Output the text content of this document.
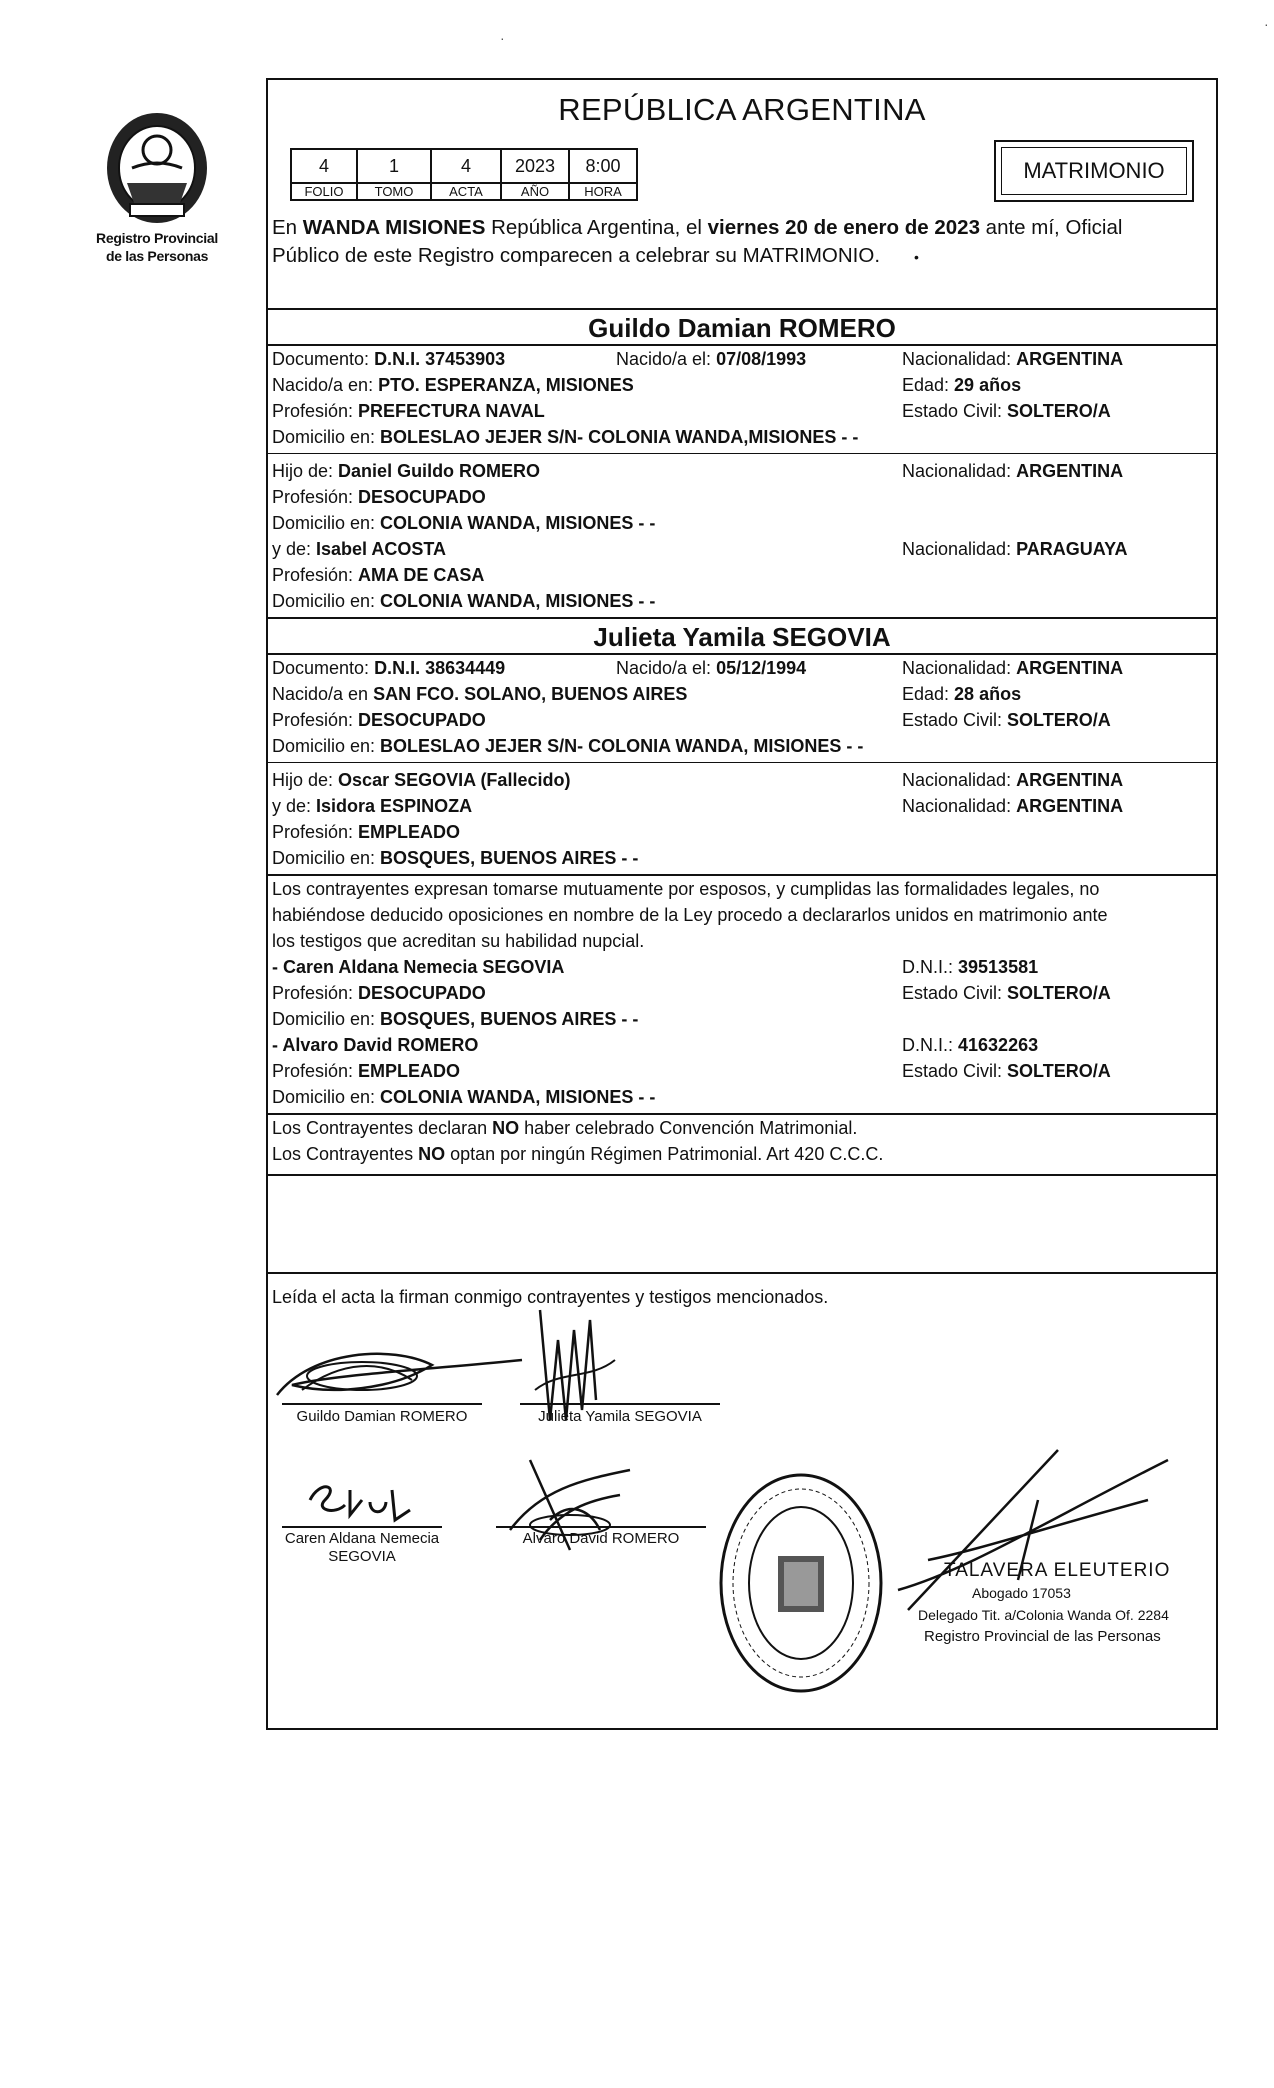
Registro Provincial
de las Personas
REPÚBLICA ARGENTINA
4	1	4	2023	8:00
FOLIO	TOMO	ACTA	AÑO	HORA
MATRIMONIO
En WANDA MISIONES República Argentina, el viernes 20 de enero de 2023 ante mí, Oficial
Público de este Registro comparecen a celebrar su MATRIMONIO. •
Guildo Damian ROMERO
Documento: D.N.I. 37453903	Nacido/a el: 07/08/1993	Nacionalidad: ARGENTINA
Nacido/a en: PTO. ESPERANZA, MISIONES	Edad: 29 años
Profesión: PREFECTURA NAVAL	Estado Civil: SOLTERO/A
Domicilio en: BOLESLAO JEJER S/N- COLONIA WANDA,MISIONES - -
Hijo de: Daniel Guildo ROMERO	Nacionalidad: ARGENTINA
Profesión: DESOCUPADO
Domicilio en: COLONIA WANDA, MISIONES - -
y de: Isabel ACOSTA	Nacionalidad: PARAGUAYA
Profesión: AMA DE CASA
Domicilio en: COLONIA WANDA, MISIONES - -
Julieta Yamila SEGOVIA
Documento: D.N.I. 38634449	Nacido/a el: 05/12/1994	Nacionalidad: ARGENTINA
Nacido/a en SAN FCO. SOLANO, BUENOS AIRES	Edad: 28 años
Profesión: DESOCUPADO	Estado Civil: SOLTERO/A
Domicilio en: BOLESLAO JEJER S/N- COLONIA WANDA, MISIONES - -
Hijo de: Oscar SEGOVIA (Fallecido)	Nacionalidad: ARGENTINA
y de: Isidora ESPINOZA	Nacionalidad: ARGENTINA
Profesión: EMPLEADO
Domicilio en: BOSQUES, BUENOS AIRES - -
Los contrayentes expresan tomarse mutuamente por esposos, y cumplidas las formalidades legales, no
habiéndose deducido oposiciones en nombre de la Ley procedo a declararlos unidos en matrimonio ante
los testigos que acreditan su habilidad nupcial.
- Caren Aldana Nemecia SEGOVIA	D.N.I.: 39513581
Profesión: DESOCUPADO	Estado Civil: SOLTERO/A
Domicilio en: BOSQUES, BUENOS AIRES - -
- Alvaro David ROMERO	D.N.I.: 41632263
Profesión: EMPLEADO	Estado Civil: SOLTERO/A
Domicilio en: COLONIA WANDA, MISIONES - -
Los Contrayentes declaran NO haber celebrado Convención Matrimonial.
Los Contrayentes NO optan por ningún Régimen Patrimonial. Art 420 C.C.C.
Leída el acta la firman conmigo contrayentes y testigos mencionados.
Guildo Damian ROMERO	Julieta Yamila SEGOVIA
Caren Aldana Nemecia
SEGOVIA
Alvaro David ROMERO
TALAVERA ELEUTERIO
Abogado 17053
Delegado Tit. a/Colonia Wanda Of. 2284
Registro Provincial de las Personas
·
·
